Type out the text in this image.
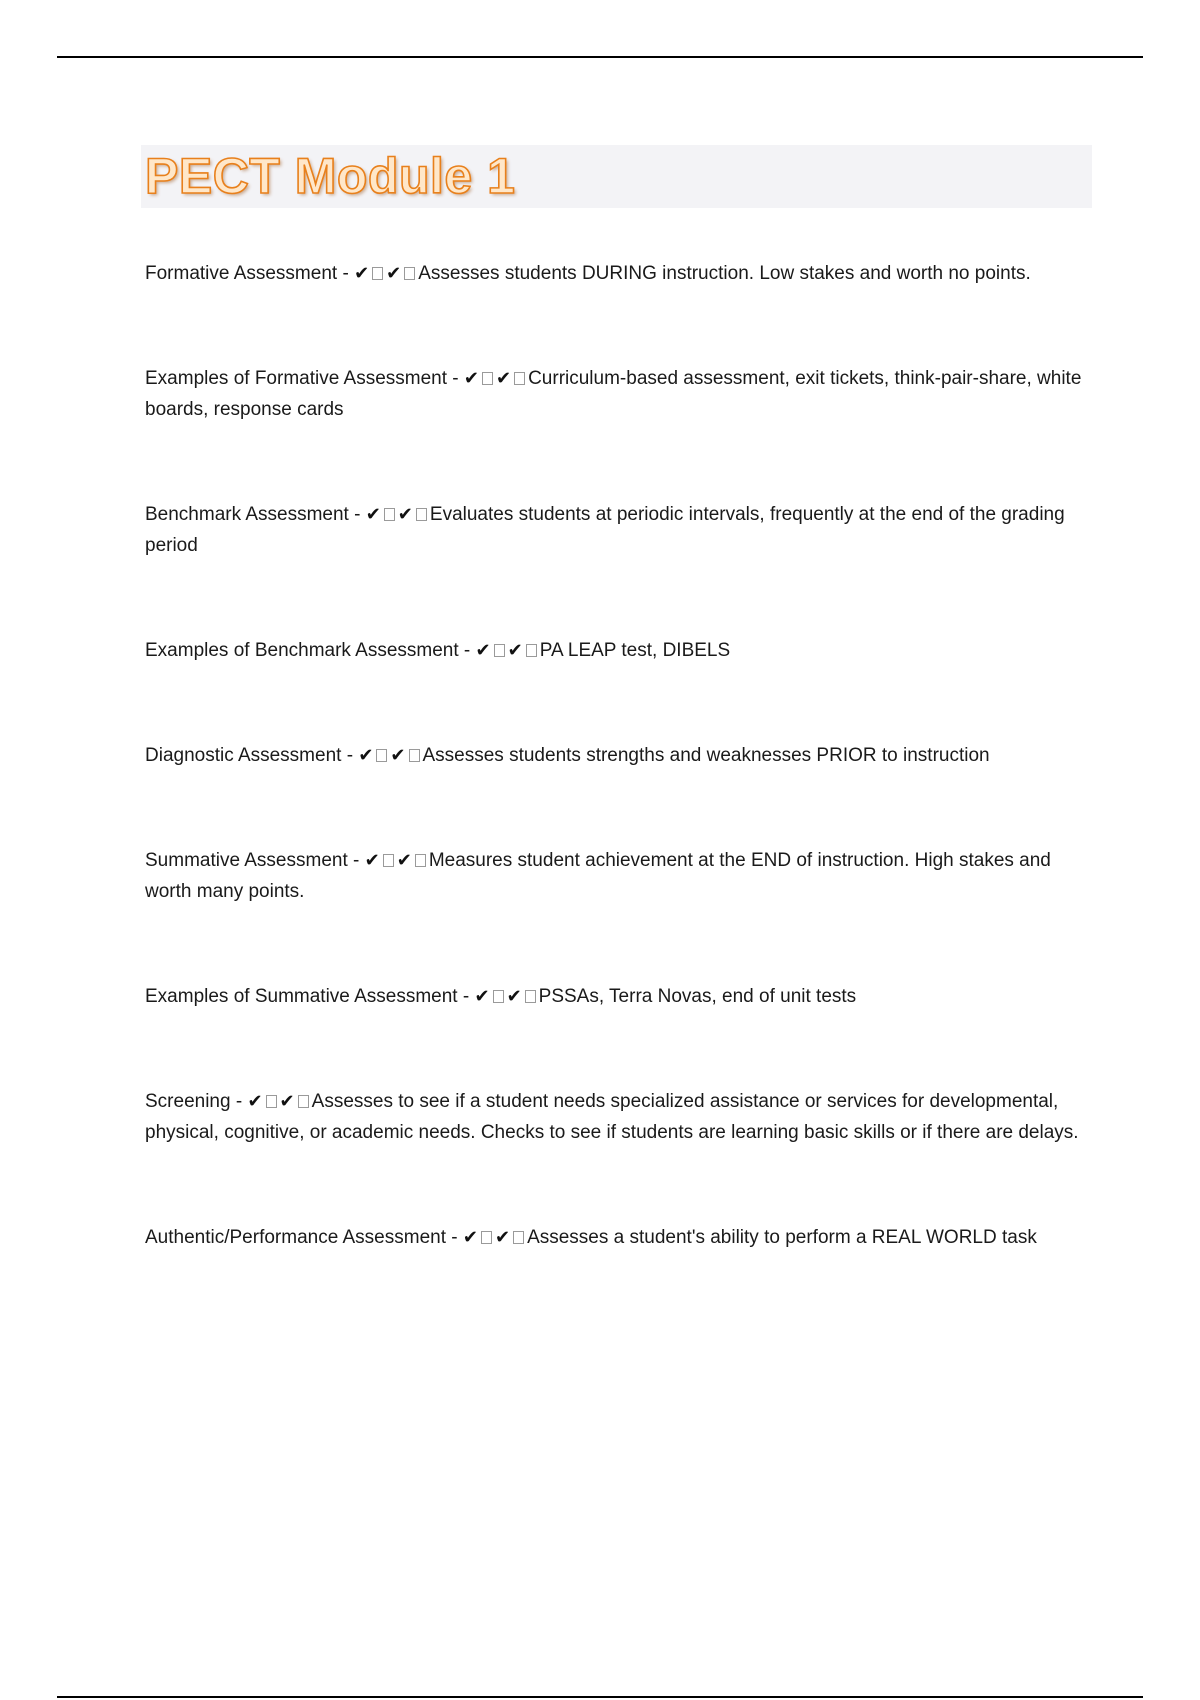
PECT Module 1
Formative Assessment - ✔ ✔ Assesses students DURING instruction. Low stakes and worth no points.
Examples of Formative Assessment - ✔ ✔ Curriculum-based assessment, exit tickets, think-pair-share, white boards, response cards
Benchmark Assessment - ✔ ✔ Evaluates students at periodic intervals, frequently at the end of the grading period
Examples of Benchmark Assessment - ✔ ✔ PA LEAP test, DIBELS
Diagnostic Assessment - ✔ ✔ Assesses students strengths and weaknesses PRIOR to instruction
Summative Assessment - ✔ ✔ Measures student achievement at the END of instruction. High stakes and worth many points.
Examples of Summative Assessment - ✔ ✔ PSSAs, Terra Novas, end of unit tests
Screening - ✔ ✔ Assesses to see if a student needs specialized assistance or services for developmental, physical, cognitive, or academic needs. Checks to see if students are learning basic skills or if there are delays.
Authentic/Performance Assessment - ✔ ✔ Assesses a student's ability to perform a REAL WORLD task
